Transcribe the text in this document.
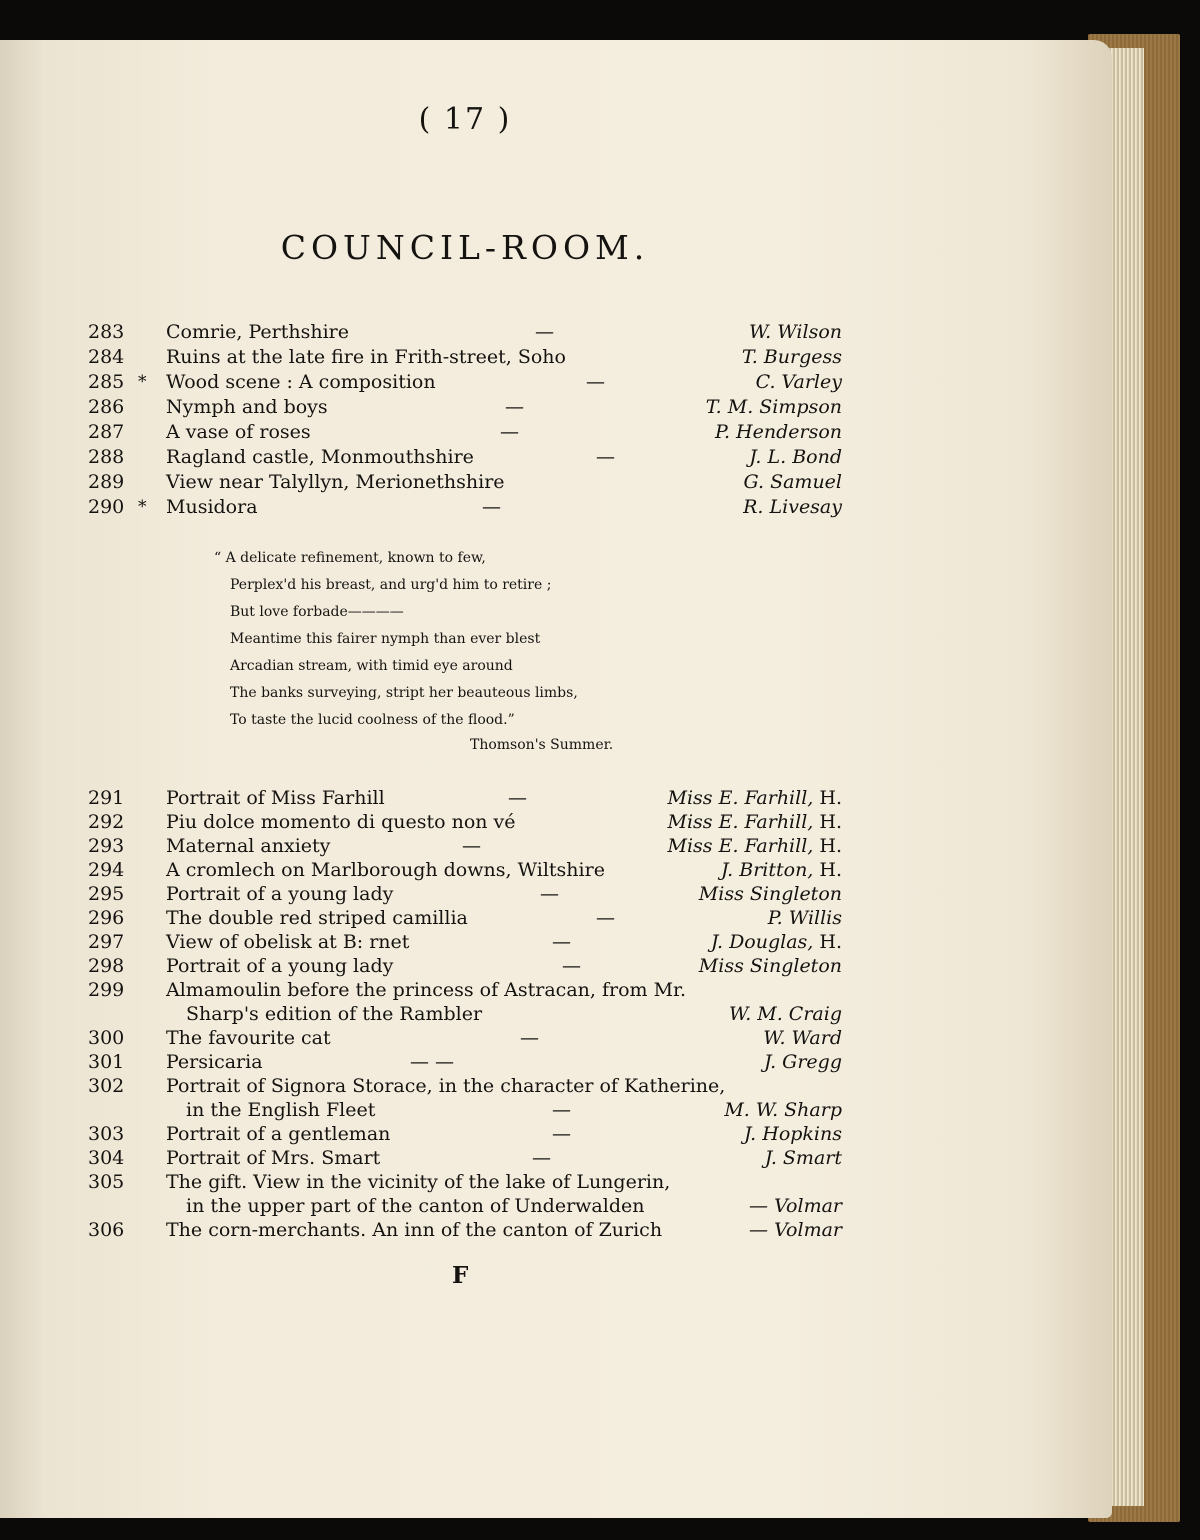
( 17 )
COUNCIL-ROOM.
283 Comrie, Perthshire	—	W. Wilson
284 Ruins at the late fire in Frith-street, Soho	T. Burgess
285 * Wood scene : A composition	—	C. Varley
286 Nymph and boys	—	T. M. Simpson
287 A vase of roses	—	P. Henderson
288 Ragland castle, Monmouthshire	—	J. L. Bond
289 View near Talyllyn, Merionethshire	G. Samuel
290 * Musidora	—	R. Livesay
“ A delicate refinement, known to few,
Perplex'd his breast, and urg'd him to retire ;
But love forbade————
Meantime this fairer nymph than ever blest
Arcadian stream, with timid eye around
The banks surveying, stript her beauteous limbs,
To taste the lucid coolness of the flood.”
Thomson's Summer.
291 Portrait of Miss Farhill	—	Miss E. Farhill, H.
292 Piu dolce momento di questo non vé	Miss E. Farhill, H.
293 Maternal anxiety	—	Miss E. Farhill, H.
294 A cromlech on Marlborough downs, Wiltshire	J. Britton, H.
295 Portrait of a young lady	—	Miss Singleton
296 The double red striped camillia	—	P. Willis
297 View of obelisk at B: rnet	—	J. Douglas, H.
298 Portrait of a young lady	—	Miss Singleton
299 Almamoulin before the princess of Astracan, from Mr.
Sharp's edition of the Rambler	W. M. Craig
300 The favourite cat	—	W. Ward
301 Persicaria	— —	J. Gregg
302 Portrait of Signora Storace, in the character of Katherine,
in the English Fleet	—	M. W. Sharp
303 Portrait of a gentleman	—	J. Hopkins
304 Portrait of Mrs. Smart	—	J. Smart
305 The gift. View in the vicinity of the lake of Lungerin,
in the upper part of the canton of Underwalden	— Volmar
306 The corn-merchants. An inn of the canton of Zurich	— Volmar
F
